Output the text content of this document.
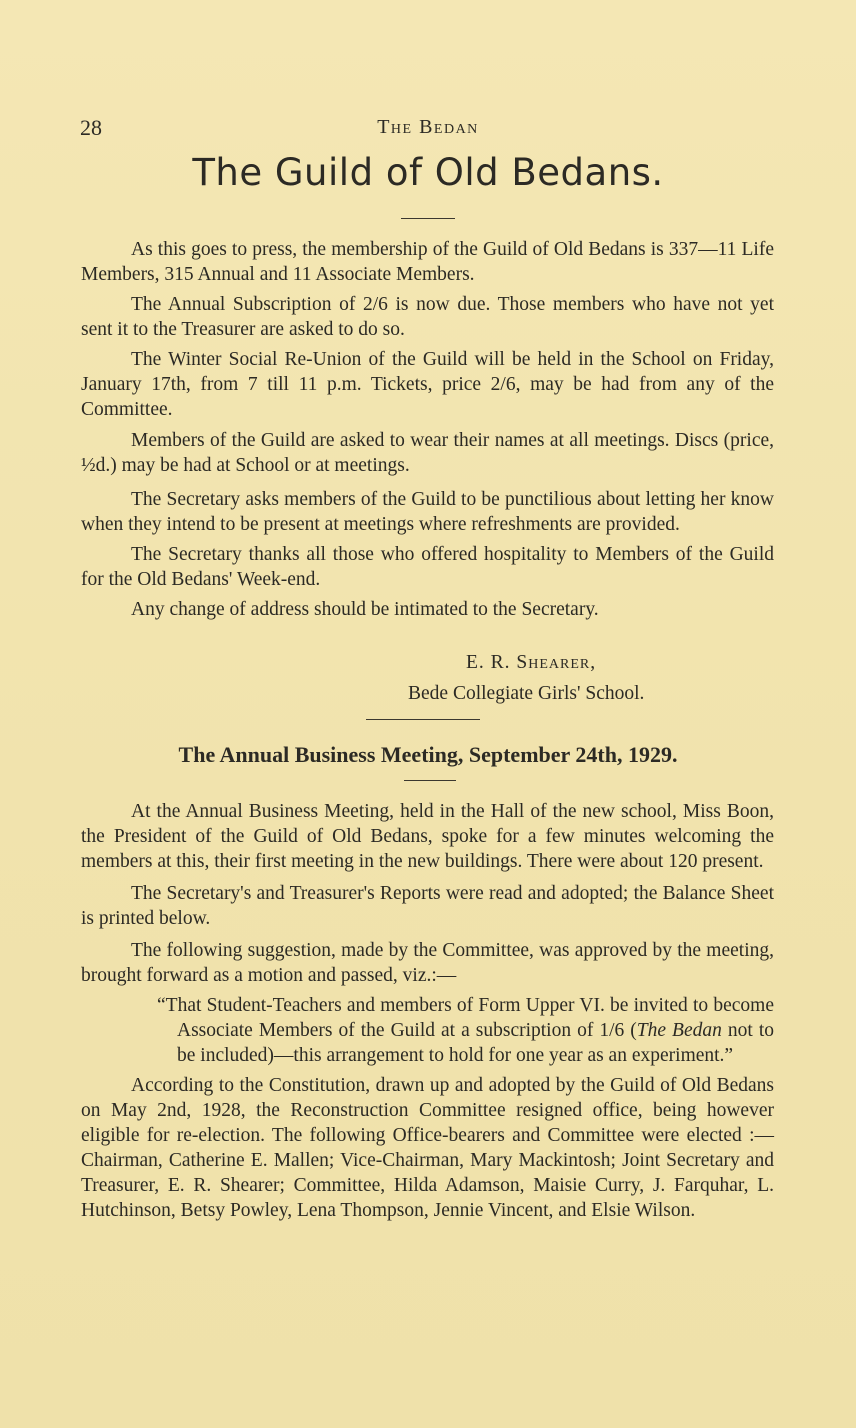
28	The Bedan
The Guild of Old Bedans.

As this goes to press, the membership of the Guild of Old Bedans is 337—11 Life Members, 315 Annual and 11 Associate Members.

The Annual Subscription of 2/6 is now due. Those members who have not yet sent it to the Treasurer are asked to do so.

The Winter Social Re-Union of the Guild will be held in the School on Friday, January 17th, from 7 till 11 p.m. Tickets, price 2/6, may be had from any of the Committee.

Members of the Guild are asked to wear their names at all meetings. Discs (price, ½d.) may be had at School or at meetings.

The Secretary asks members of the Guild to be punctilious about letting her know when they intend to be present at meetings where refreshments are provided.

The Secretary thanks all those who offered hospitality to Members of the Guild for the Old Bedans' Week-end.

Any change of address should be intimated to the Secretary.

E. R. Shearer,
Bede Collegiate Girls' School.
The Annual Business Meeting, September 24th, 1929.

At the Annual Business Meeting, held in the Hall of the new school, Miss Boon, the President of the Guild of Old Bedans, spoke for a few minutes welcoming the members at this, their first meeting in the new buildings. There were about 120 present.

The Secretary's and Treasurer's Reports were read and adopted; the Balance Sheet is printed below.

The following suggestion, made by the Committee, was approved by the meeting, brought forward as a motion and passed, viz.:—

“That Student-Teachers and members of Form Upper VI. be invited to become Associate Members of the Guild at a subscription of 1/6 (The Bedan not to be included)—this arrangement to hold for one year as an experiment.”

According to the Constitution, drawn up and adopted by the Guild of Old Bedans on May 2nd, 1928, the Reconstruction Committee resigned office, being however eligible for re-election. The following Office-bearers and Committee were elected :—Chairman, Catherine E. Mallen; Vice-Chairman, Mary Mackintosh; Joint Secretary and Treasurer, E. R. Shearer; Committee, Hilda Adamson, Maisie Curry, J. Farquhar, L. Hutchinson, Betsy Powley, Lena Thompson, Jennie Vincent, and Elsie Wilson.
